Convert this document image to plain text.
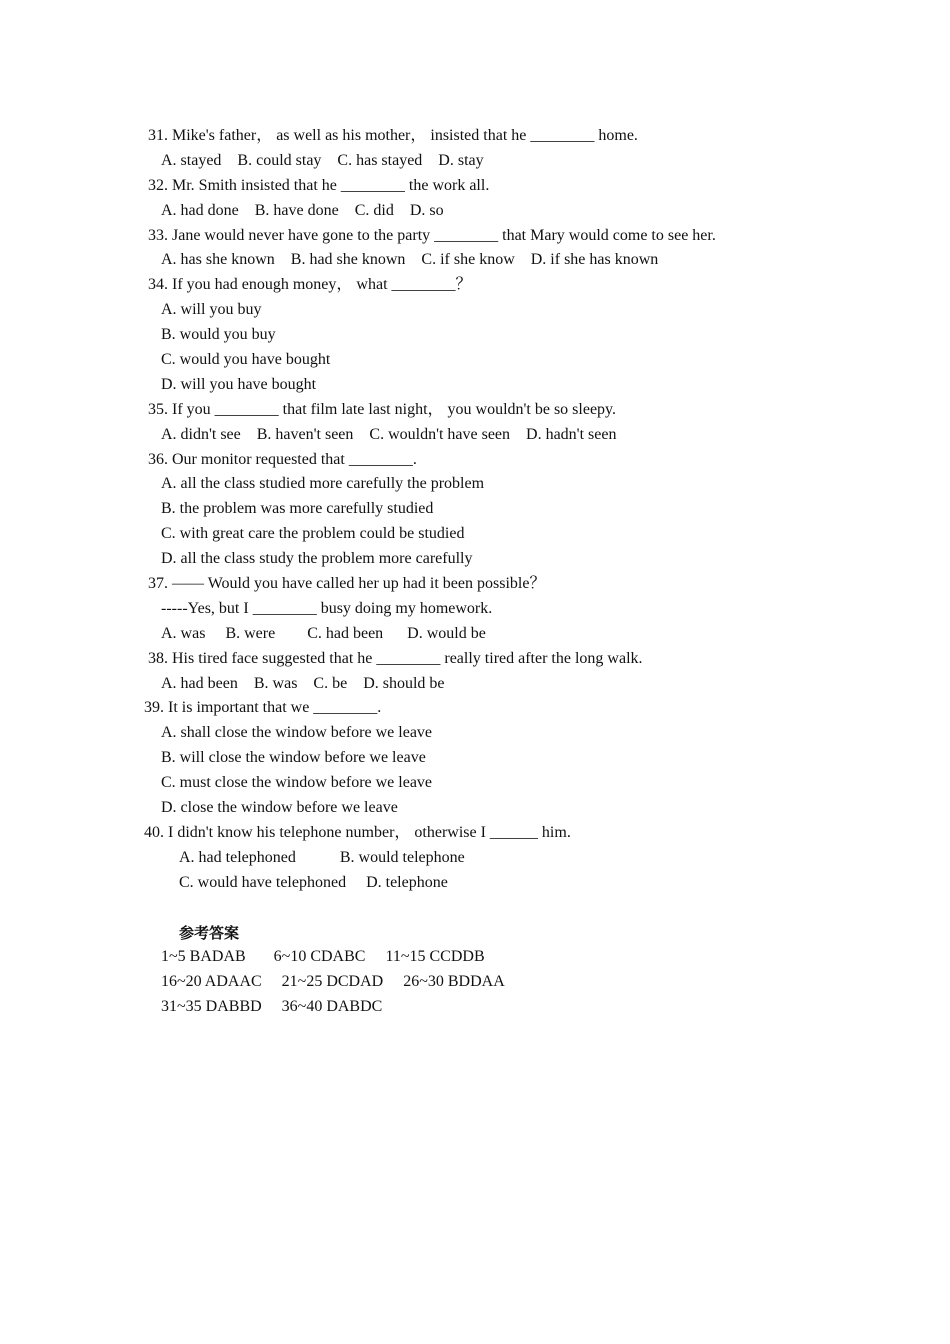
31. Mike's father， as well as his mother， insisted that he ________ home.
A. stayed    B. could stay    C. has stayed    D. stay
32. Mr. Smith insisted that he ________ the work all.
A. had done    B. have done    C. did    D. so
33. Jane would never have gone to the party ________ that Mary would come to see her.
A. has she known    B. had she known    C. if she know    D. if she has known
34. If you had enough money， what ________？
A. will you buy
B. would you buy
C. would you have bought
D. will you have bought
35. If you ________ that film late last night， you wouldn't be so sleepy.
A. didn't see    B. haven't seen    C. wouldn't have seen    D. hadn't seen
36. Our monitor requested that ________.
A. all the class studied more carefully the problem
B. the problem was more carefully studied
C. with great care the problem could be studied
D. all the class study the problem more carefully
37. —— Would you have called her up had it been possible？
-----Yes, but I ________ busy doing my homework.
A. was     B. were        C. had been      D. would be
38. His tired face suggested that he ________ really tired after the long walk.
A. had been    B. was    C. be    D. should be
39. It is important that we ________.
A. shall close the window before we leave
B. will close the window before we leave
C. must close the window before we leave
D. close the window before we leave
40. I didn't know his telephone number， otherwise I ______ him.
A. had telephoned           B. would telephone
C. would have telephoned     D. telephone
参考答案
1~5 BADAB       6~10 CDABC     11~15 CCDDB
16~20 ADAAC     21~25 DCDAD     26~30 BDDAA
31~35 DABBD     36~40 DABDC
